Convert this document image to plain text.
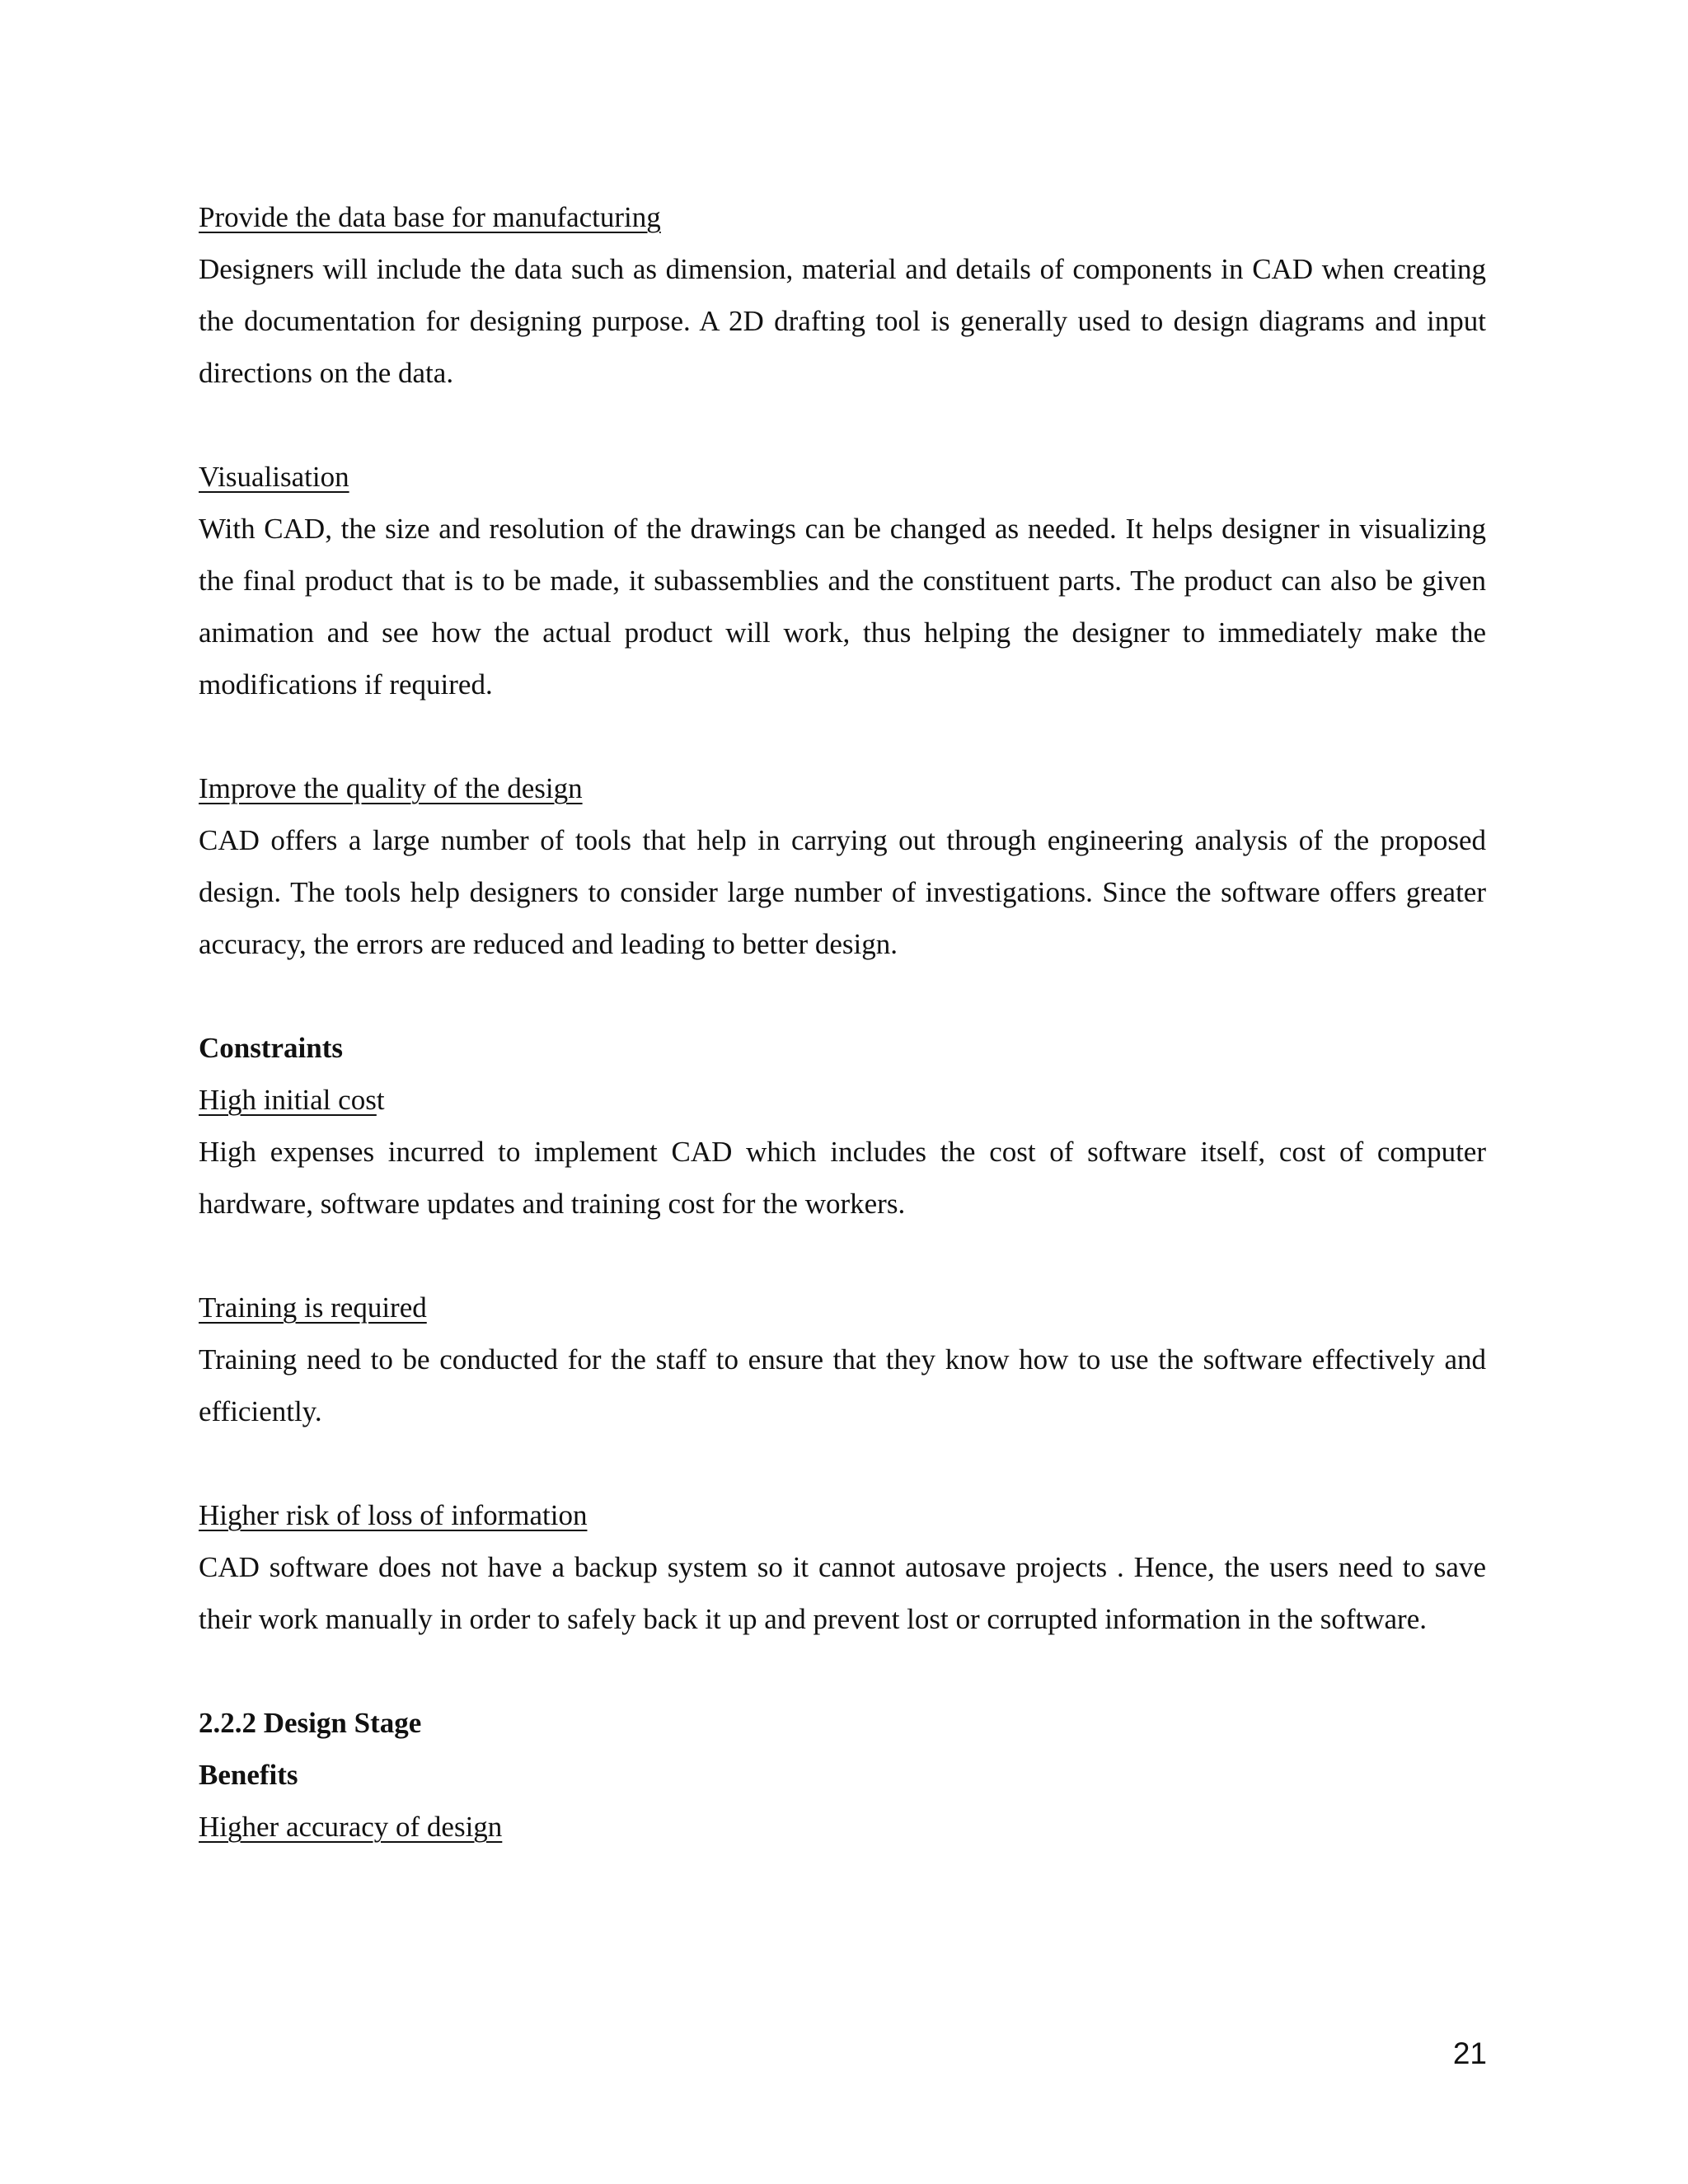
Provide the data base for manufacturing

Designers will include the data such as dimension, material and details of components in CAD when creating the documentation for designing purpose. A 2D drafting tool is generally used to design diagrams and input directions on the data.

Visualisation

With CAD, the size and resolution of the drawings can be changed as needed. It helps designer in visualizing the final product that is to be made, it subassemblies and the constituent parts. The product can also be given animation and see how the actual product will work, thus helping the designer to immediately make the modifications if required.

Improve the quality of the design

CAD offers a large number of tools that help in carrying out through engineering analysis of the proposed design. The tools help designers to consider large number of investigations. Since the software offers greater accuracy, the errors are reduced and leading to better design.

Constraints

High initial cost

High expenses incurred to implement CAD which includes the cost of software itself, cost of computer hardware, software updates and training cost for the workers.

Training is required

Training need to be conducted for the staff to ensure that they know how to use the software effectively and efficiently.

Higher risk of loss of information

CAD software does not have a backup system so it cannot autosave projects . Hence, the users need to save their work manually in order to safely back it up and prevent lost or corrupted information in the software.

2.2.2 Design Stage

Benefits

Higher accuracy of design

21
